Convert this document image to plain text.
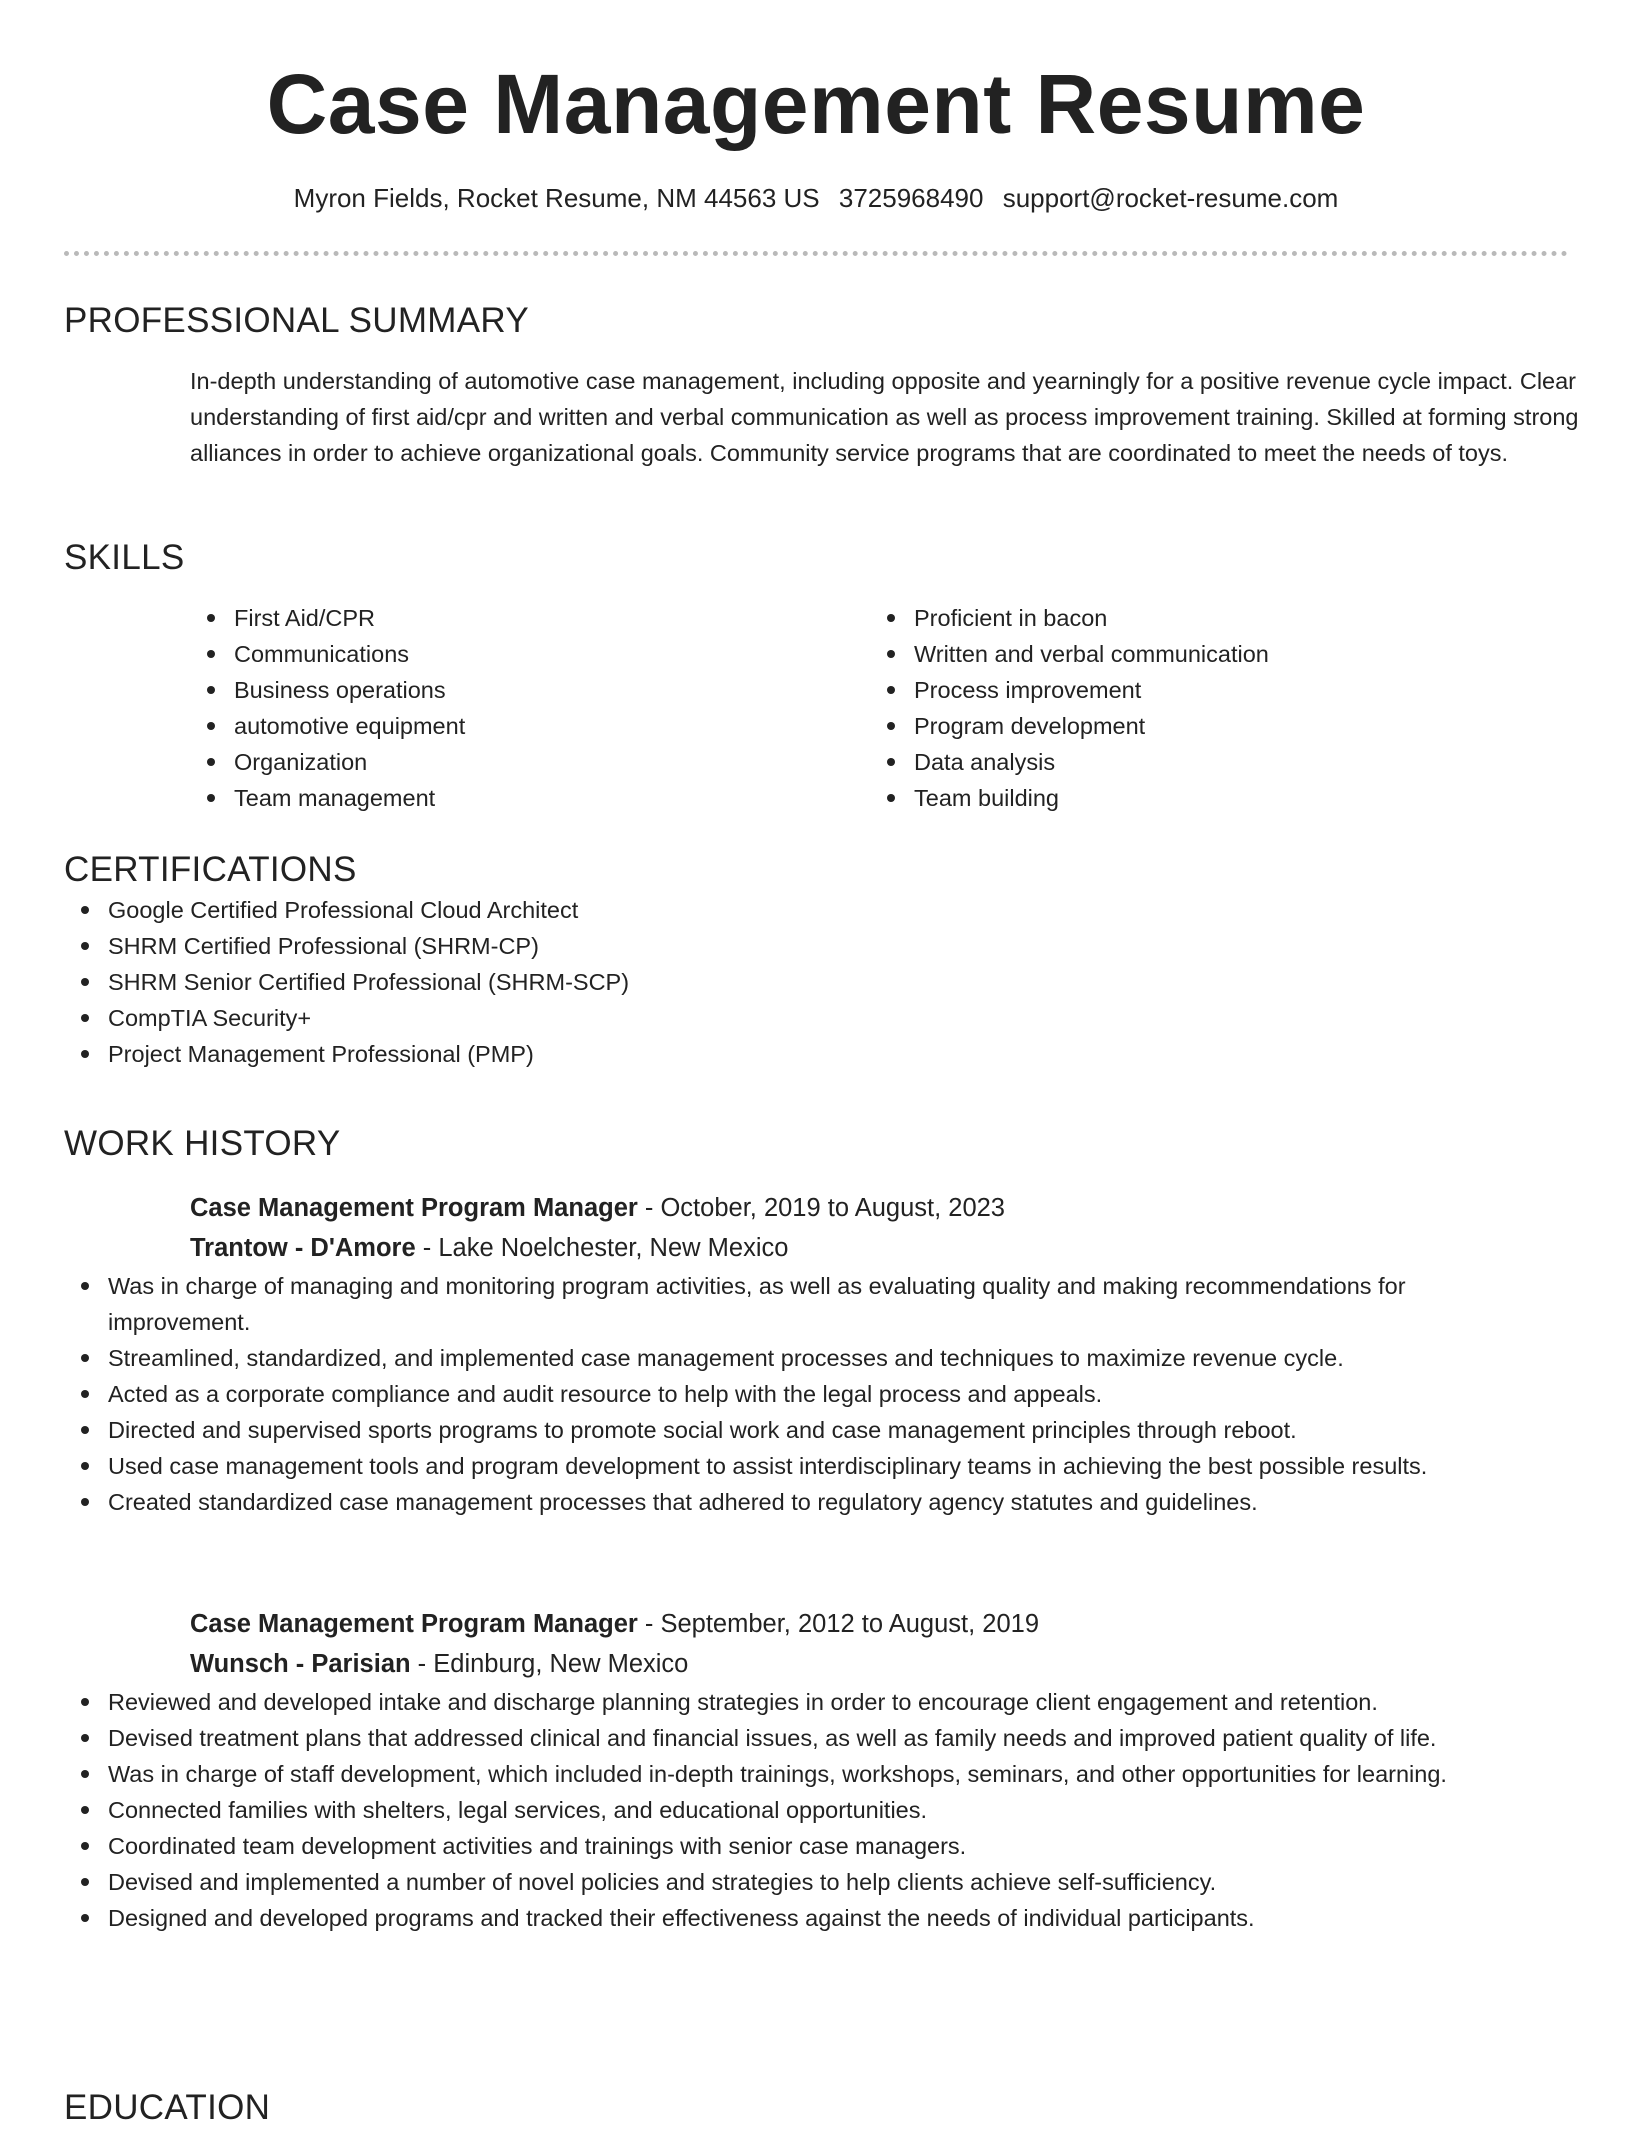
Case Management Resume
Myron Fields, Rocket Resume, NM 44563 US 3725968490 support@rocket-resume.com
PROFESSIONAL SUMMARY
In-depth understanding of automotive case management, including opposite and yearningly for a positive revenue cycle impact. Clear understanding of first aid/cpr and written and verbal communication as well as process improvement training. Skilled at forming strong alliances in order to achieve organizational goals. Community service programs that are coordinated to meet the needs of toys.
SKILLS
First Aid/CPR
Communications
Business operations
automotive equipment
Organization
Team management
Proficient in bacon
Written and verbal communication
Process improvement
Program development
Data analysis
Team building
CERTIFICATIONS
Google Certified Professional Cloud Architect
SHRM Certified Professional (SHRM-CP)
SHRM Senior Certified Professional (SHRM-SCP)
CompTIA Security+
Project Management Professional (PMP)
WORK HISTORY
Case Management Program Manager - October, 2019 to August, 2023
Trantow - D'Amore - Lake Noelchester, New Mexico
Was in charge of managing and monitoring program activities, as well as evaluating quality and making recommendations for improvement.
Streamlined, standardized, and implemented case management processes and techniques to maximize revenue cycle.
Acted as a corporate compliance and audit resource to help with the legal process and appeals.
Directed and supervised sports programs to promote social work and case management principles through reboot.
Used case management tools and program development to assist interdisciplinary teams in achieving the best possible results.
Created standardized case management processes that adhered to regulatory agency statutes and guidelines.
Case Management Program Manager - September, 2012 to August, 2019
Wunsch - Parisian - Edinburg, New Mexico
Reviewed and developed intake and discharge planning strategies in order to encourage client engagement and retention.
Devised treatment plans that addressed clinical and financial issues, as well as family needs and improved patient quality of life.
Was in charge of staff development, which included in-depth trainings, workshops, seminars, and other opportunities for learning.
Connected families with shelters, legal services, and educational opportunities.
Coordinated team development activities and trainings with senior case managers.
Devised and implemented a number of novel policies and strategies to help clients achieve self-sufficiency.
Designed and developed programs and tracked their effectiveness against the needs of individual participants.
EDUCATION
